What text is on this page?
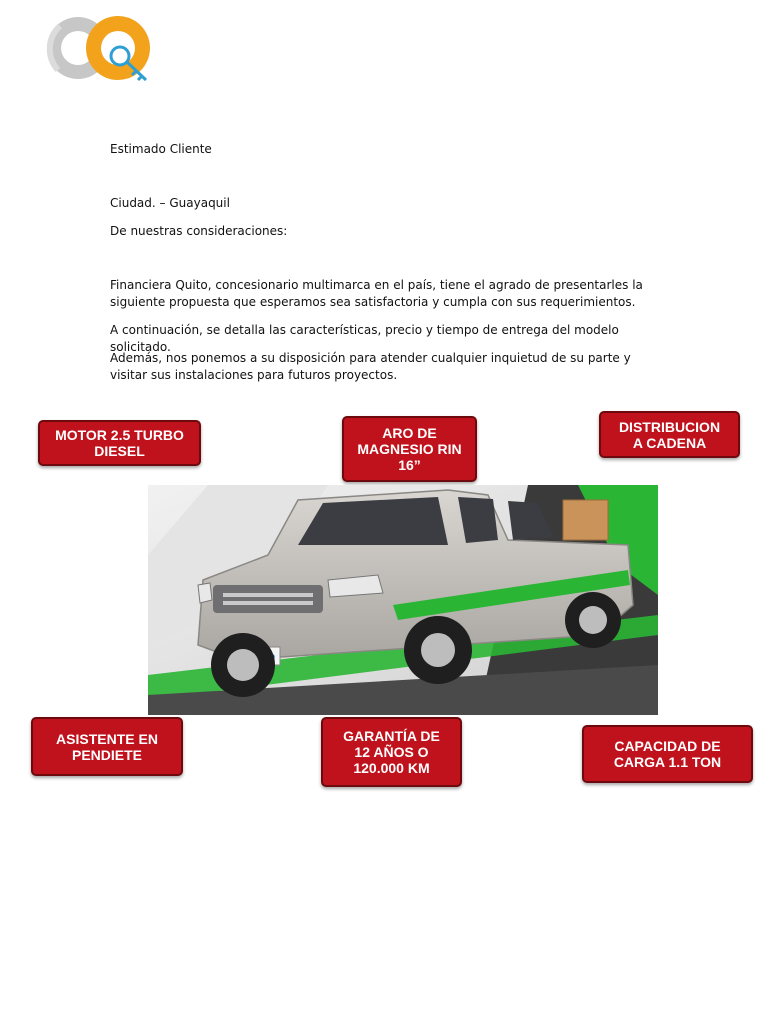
Estimado Cliente
Ciudad. – Guayaquil
De nuestras consideraciones:
Financiera Quito, concesionario multimarca en el país, tiene el agrado de presentarles la siguiente propuesta que esperamos sea satisfactoria y cumpla con sus requerimientos.
A continuación, se detalla las características, precio y tiempo de entrega del modelo solicitado.
Además, nos ponemos a su disposición para atender cualquier inquietud de su parte y visitar sus instalaciones para futuros proyectos.
MOTOR 2.5 TURBO
DIESEL
ARO DE
MAGNESIO RIN
16”
DISTRIBUCION
A CADENA
ASISTENTE EN
PENDIETE
GARANTÍA DE
12 AÑOS O
120.000 KM
CAPACIDAD DE
CARGA 1.1 TON
